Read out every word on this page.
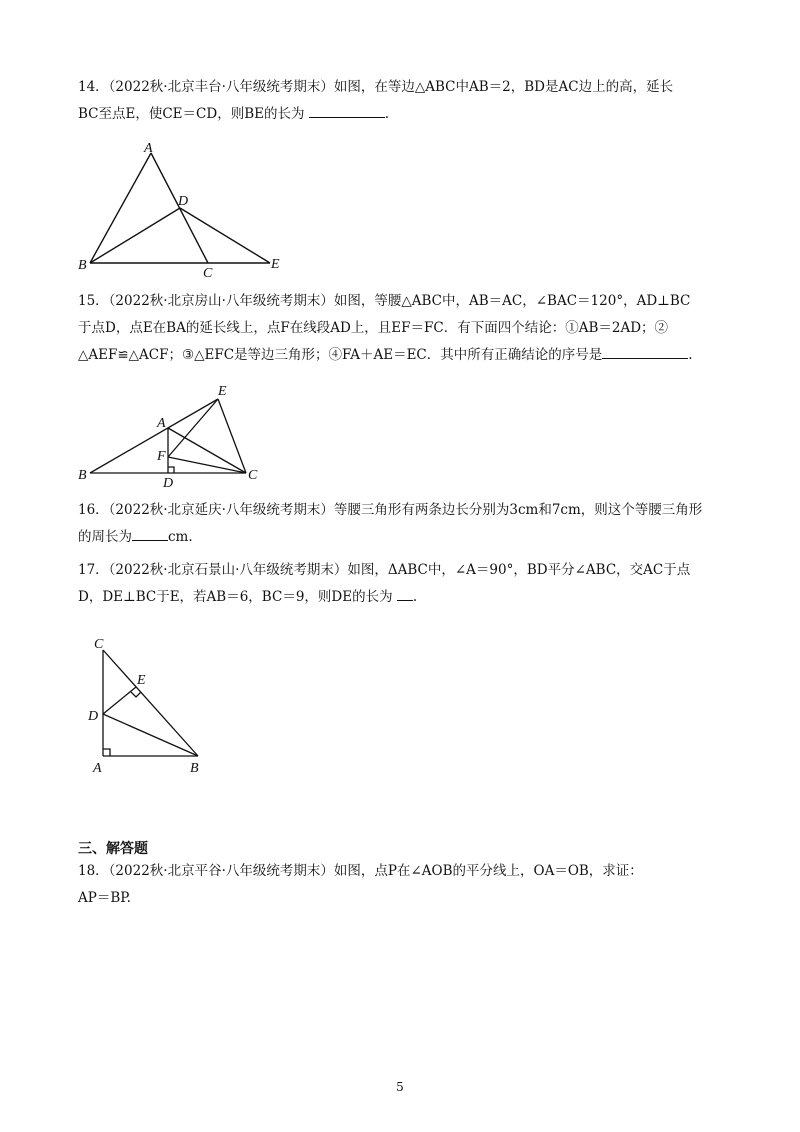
14．（2022秋·北京丰台·八年级统考期末）如图，在等边△ABC中AB＝2，BD是AC边上的高，延长

BC至点E，使CE＝CD，则BE的长为	.

A
B
C
D
E

15．（2022秋·北京房山·八年级统考期末）如图，等腰△ABC中，AB＝AC，∠BAC＝120°，AD⊥BC

于点D，点E在BA的延长线上，点F在线段AD上，且EF＝FC．有下面四个结论：①AB＝2AD；②

△AEF≌△ACF；③△EFC是等边三角形；④FA＋AE＝EC．其中所有正确结论的序号是	.

A
B	C
D
E
F

16．（2022秋·北京延庆·八年级统考期末）等腰三角形有两条边长分别为3cm和7cm，则这个等腰三角形

的周长为	cm.

17．（2022秋·北京石景山·八年级统考期末）如图，ΔABC中，∠A＝90°，BD平分∠ABC，交AC于点

D，DE⊥BC于E，若AB＝6，BC＝9，则DE的长为 .

C
E
D
A	B
三、解答题

18．（2022秋·北京平谷·八年级统考期末）如图，点P在∠AOB的平分线上，OA＝OB，求证：

AP＝BP.

5
